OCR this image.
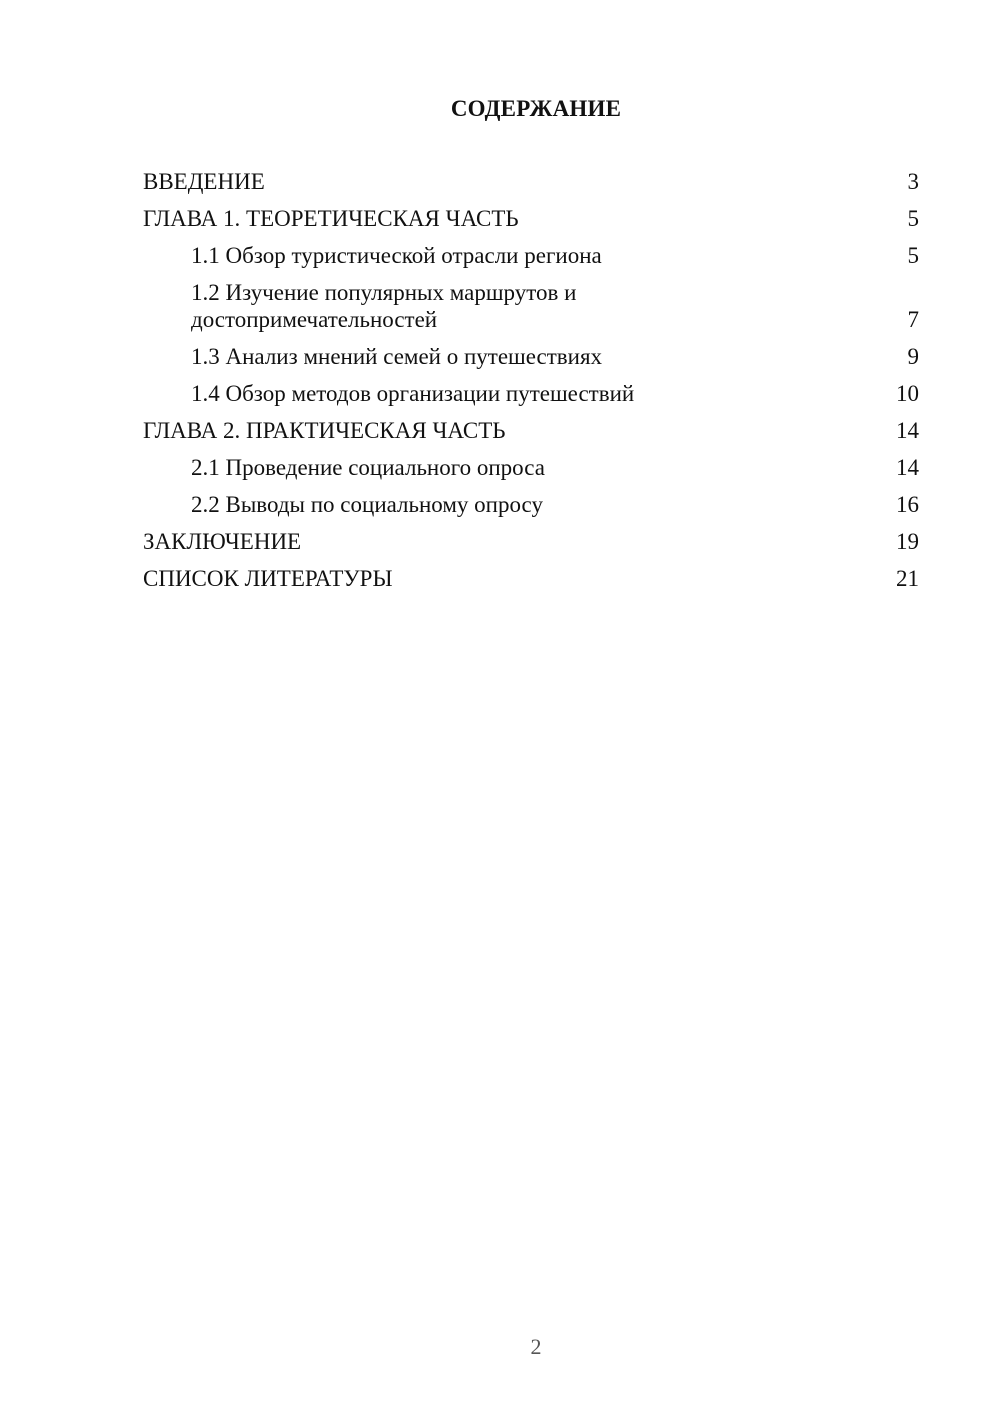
СОДЕРЖАНИЕ
ВВЕДЕНИЕ	3
ГЛАВА 1. ТЕОРЕТИЧЕСКАЯ ЧАСТЬ	5
1.1 Обзор туристической отрасли региона	5
1.2 Изучение популярных маршрутов и
достопримечательностей	7
1.3 Анализ мнений семей о путешествиях	9
1.4 Обзор методов организации путешествий	10
ГЛАВА 2. ПРАКТИЧЕСКАЯ ЧАСТЬ	14
2.1 Проведение социального опроса	14
2.2 Выводы по социальному опросу	16
ЗАКЛЮЧЕНИЕ	19
СПИСОК ЛИТЕРАТУРЫ	21
2
